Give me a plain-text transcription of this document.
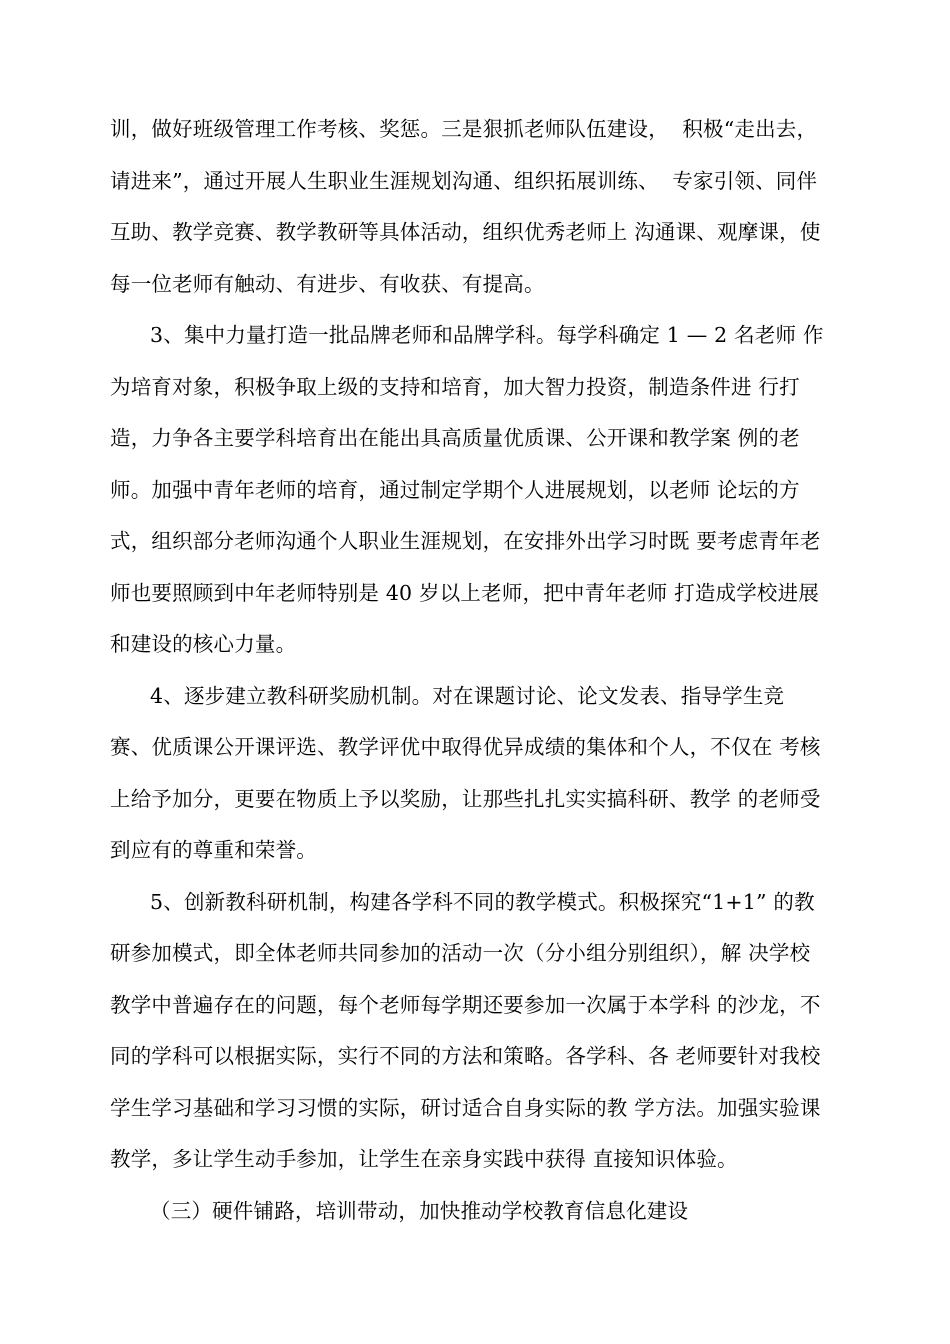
训，做好班级管理工作考核、奖惩。三是狠抓老师队伍建设，  积极“走出去，
请进来”，通过开展人生职业生涯规划沟通、组织拓展训练、  专家引领、同伴
互助、教学竞赛、教学教研等具体活动，组织优秀老师上 沟通课、观摩课，使
每一位老师有触动、有进步、有收获、有提高。
3、集中力量打造一批品牌老师和品牌学科。每学科确定 1 — 2 名老师 作
为培育对象，积极争取上级的支持和培育，加大智力投资，制造条件进 行打
造，力争各主要学科培育出在能出具高质量优质课、公开课和教学案 例的老
师。加强中青年老师的培育，通过制定学期个人进展规划，以老师 论坛的方
式，组织部分老师沟通个人职业生涯规划，在安排外出学习时既 要考虑青年老
师也要照顾到中年老师特别是 40 岁以上老师，把中青年老师 打造成学校进展
和建设的核心力量。
4、逐步建立教科研奖励机制。对在课题讨论、论文发表、指导学生竞
赛、优质课公开课评选、教学评优中取得优异成绩的集体和个人，不仅在 考核
上给予加分，更要在物质上予以奖励，让那些扎扎实实搞科研、教学 的老师受
到应有的尊重和荣誉。
5、创新教科研机制，构建各学科不同的教学模式。积极探究“1+1” 的教
研参加模式，即全体老师共同参加的活动一次（分小组分别组织），解 决学校
教学中普遍存在的问题，每个老师每学期还要参加一次属于本学科 的沙龙，不
同的学科可以根据实际，实行不同的方法和策略。各学科、各 老师要针对我校
学生学习基础和学习习惯的实际，研讨适合自身实际的教 学方法。加强实验课
教学，多让学生动手参加，让学生在亲身实践中获得 直接知识体验。
（三）硬件铺路，培训带动，加快推动学校教育信息化建设
